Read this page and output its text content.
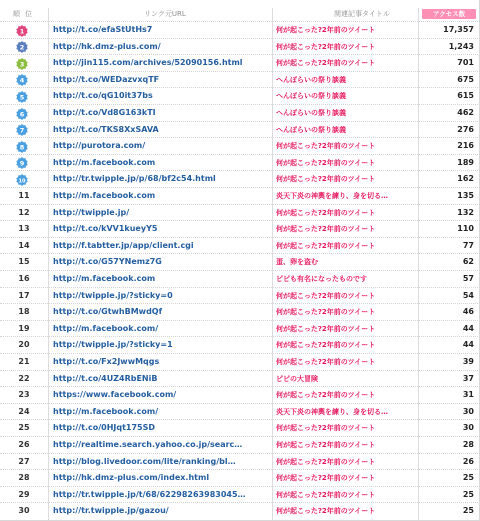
順位	リンク元URL	関連記事タイトル	アクセス数
1	http://t.co/efaStUtHs7	何が起こった?2年前のツイート	17,357
2	http://hk.dmz-plus.com/	何が起こった?2年前のツイート	1,243
3	http://jin115.com/archives/52090156.html	何が起こった?2年前のツイート	701
4	http://t.co/WEDazvxqTF	へんぽらいの祭り談義	675
5	http://t.co/qG10it37bs	へんぽらいの祭り談義	615
6	http://t.co/Vd8G163kTI	へんぽらいの祭り談義	462
7	http://t.co/TKS8XxSAVA	へんぽらいの祭り談義	276
8	http://purotora.com/	何が起こった?2年前のツイート	216
9	http://m.facebook.com	何が起こった?2年前のツイート	189
10	http://tr.twipple.jp/p/68/bf2c54.html	何が起こった?2年前のツイート	162
11	http://m.facebook.com	炎天下炎の神輿を練り、身を切る…	135
12	http://twipple.jp/	何が起こった?2年前のツイート	132
13	http://t.co/kVV1kueyY5	何が起こった?2年前のツイート	110
14	http://f.tabtter.jp/app/client.cgi	何が起こった?2年前のツイート	77
15	http://t.co/G57YNemz7G	蛋、卵を盗む	62
16	http://m.facebook.com	ピピも有名になったものです	57
17	http://twipple.jp/?sticky=0	何が起こった?2年前のツイート	54
18	http://t.co/GtwhBMwdQf	何が起こった?2年前のツイート	46
19	http://m.facebook.com/	何が起こった?2年前のツイート	44
20	http://twipple.jp/?sticky=1	何が起こった?2年前のツイート	44
21	http://t.co/Fx2JwwMqgs	何が起こった?2年前のツイート	39
22	http://t.co/4UZ4RbENiB	ピピの大冒険	37
23	https://www.facebook.com/	何が起こった?2年前のツイート	31
24	http://m.facebook.com/	炎天下炎の神輿を練り、身を切る…	30
25	http://t.co/0HJqt175SD	何が起こった?2年前のツイート	30
26	http://realtime.search.yahoo.co.jp/searc…	何が起こった?2年前のツイート	28
27	http://blog.livedoor.com/lite/ranking/bl…	何が起こった?2年前のツイート	26
28	http://hk.dmz-plus.com/index.html	何が起こった?2年前のツイート	25
29	http://tr.twipple.jp/t/68/62298263983045…	何が起こった?2年前のツイート	25
30	http://tr.twipple.jp/gazou/	何が起こった?2年前のツイート	25
